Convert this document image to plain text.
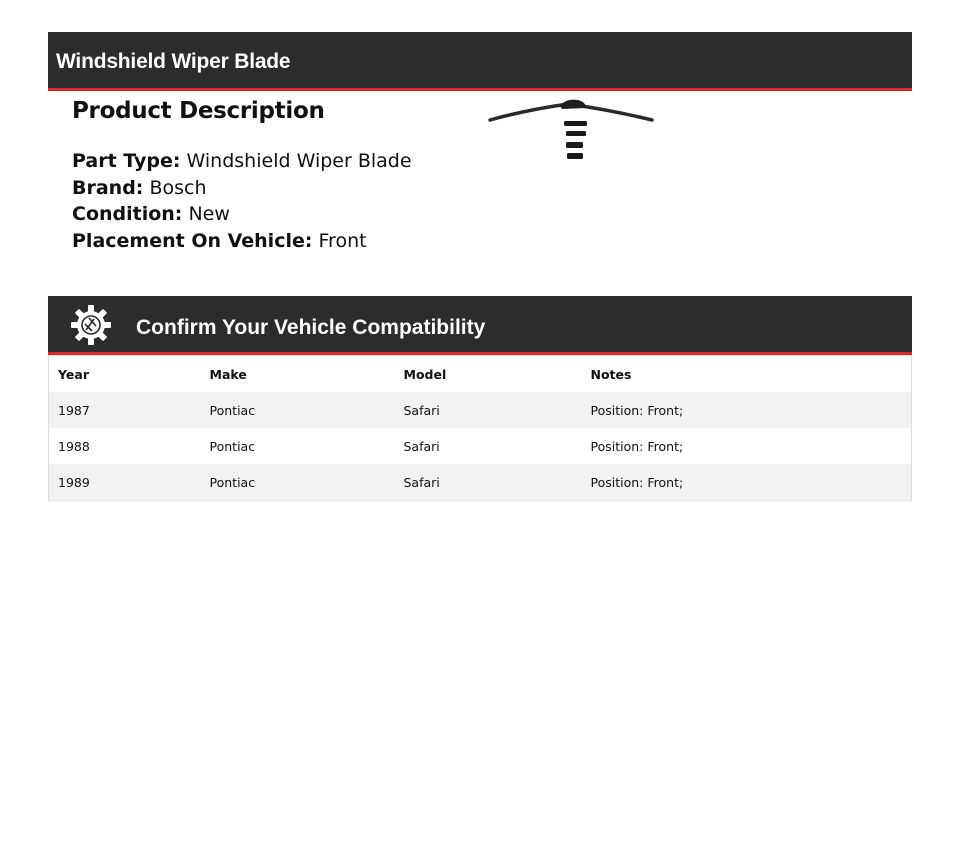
Windshield Wiper Blade
Product Description
Part Type: Windshield Wiper Blade
Brand: Bosch
Condition: New
Placement On Vehicle: Front
Confirm Your Vehicle Compatibility
Year	Make	Model	Notes
1987	Pontiac	Safari	Position: Front;
1988	Pontiac	Safari	Position: Front;
1989	Pontiac	Safari	Position: Front;
